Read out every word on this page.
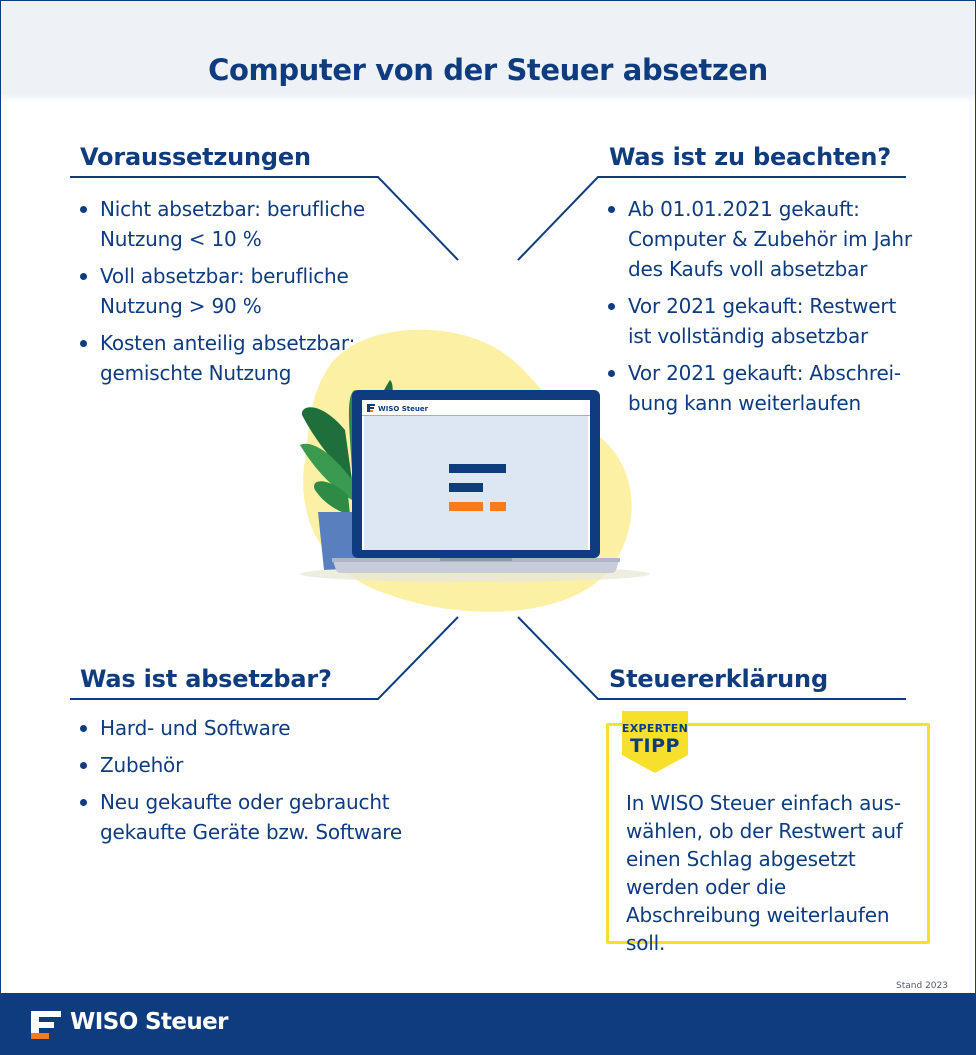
Computer von der Steuer absetzen
Voraussetzungen
Nicht absetzbar: berufliche Nutzung < 10 %
Voll absetzbar: berufliche Nutzung > 90 %
Kosten anteilig absetzbar: gemischte Nutzung
Was ist zu beachten?
Ab 01.01.2021 gekauft: Computer & Zubehör im Jahr des Kaufs voll absetzbar
Vor 2021 gekauft: Restwert ist vollständig absetzbar
Vor 2021 gekauft: Abschreibung kann weiterlaufen
WISO Steuer
Was ist absetzbar?
Hard- und Software
Zubehör
Neu gekaufte oder gebraucht gekaufte Geräte bzw. Software
Steuererklärung
EXPERTEN
TIPP

In WISO Steuer einfach auswählen, ob der Restwert auf einen Schlag abgesetzt werden oder die Abschreibung weiterlaufen soll.

Stand 2023
WISO Steuer
